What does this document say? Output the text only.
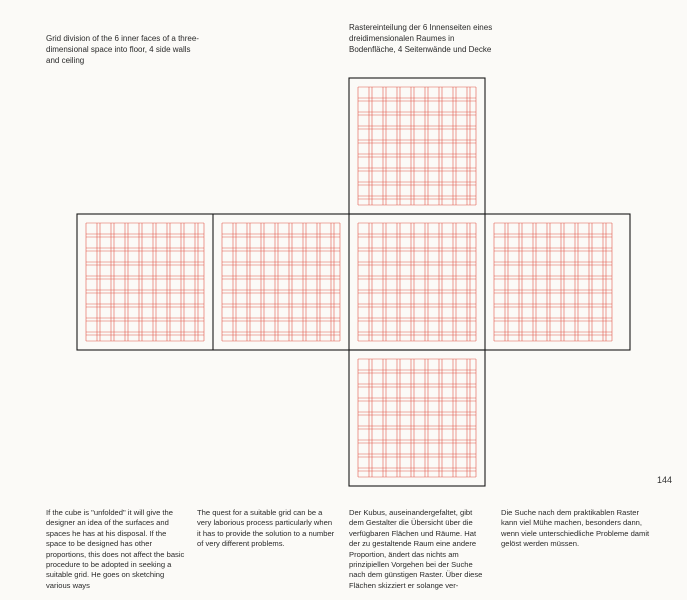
Grid division of the 6 inner faces of a three-dimensional space into floor, 4 side walls and ceiling

Rastereinteilung der 6 Innenseiten eines dreidimensionalen Raumes in Bodenfläche, 4 Seitenwände und Decke

144

If the cube is "unfolded" it will give the designer an idea of the surfaces and spaces he has at his disposal. If the space to be designed has other proportions, this does not affect the basic procedure to be adopted in seeking a suitable grid. He goes on sketching various ways

The quest for a suitable grid can be a very laborious process particularly when it has to provide the solution to a number of very different problems.

Der Kubus, auseinandergefaltet, gibt dem Gestalter die Übersicht über die verfügbaren Flächen und Räume. Hat der zu gestaltende Raum eine andere Proportion, ändert das nichts am prinzipiellen Vorgehen bei der Suche nach dem günstigen Raster. Über diese Flächen skizziert er solange ver-

Die Suche nach dem praktikablen Raster kann viel Mühe machen, besonders dann, wenn viele unterschiedliche Probleme damit gelöst werden müssen.
